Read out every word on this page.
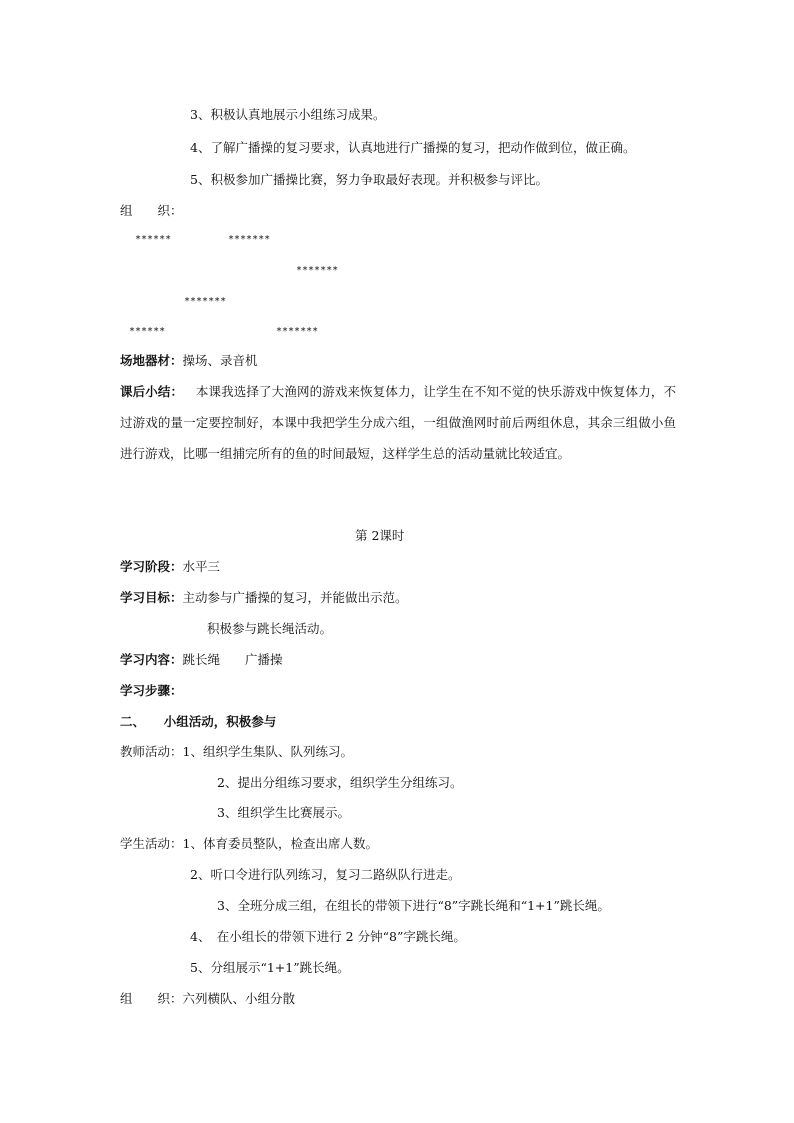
3、积极认真地展示小组练习成果。

4、了解广播操的复习要求，认真地进行广播操的复习，把动作做到位，做正确。

5、积极参加广播操比赛，努力争取最好表现。并积极参与评比。

组　　织：

******	*******

*******

*******

******	*******

场地器材：操场、录音机

课后小结：  本课我选择了大渔网的游戏来恢复体力，让学生在不知不觉的快乐游戏中恢复体力，不过游戏的量一定要控制好，本课中我把学生分成六组，一组做渔网时前后两组休息，其余三组做小鱼进行游戏，比哪一组捕完所有的鱼的时间最短，这样学生总的活动量就比较适宜。

第 2课时

学习阶段：水平三

学习目标：主动参与广播操的复习，并能做出示范。

积极参与跳长绳活动。

学习内容：跳长绳　　广播操

学习步骤：

二、　　小组活动，积极参与

教师活动：1、组织学生集队、队列练习。

2、提出分组练习要求，组织学生分组练习。

3、组织学生比赛展示。

学生活动：1、体育委员整队，检查出席人数。

2、听口令进行队列练习，复习二路纵队行进走。

3、全班分成三组，在组长的带领下进行“8”字跳长绳和“1+1”跳长绳。

4、　在小组长的带领下进行 2 分钟“8”字跳长绳。

5、分组展示“1+1”跳长绳。

组　　织：六列横队、小组分散
